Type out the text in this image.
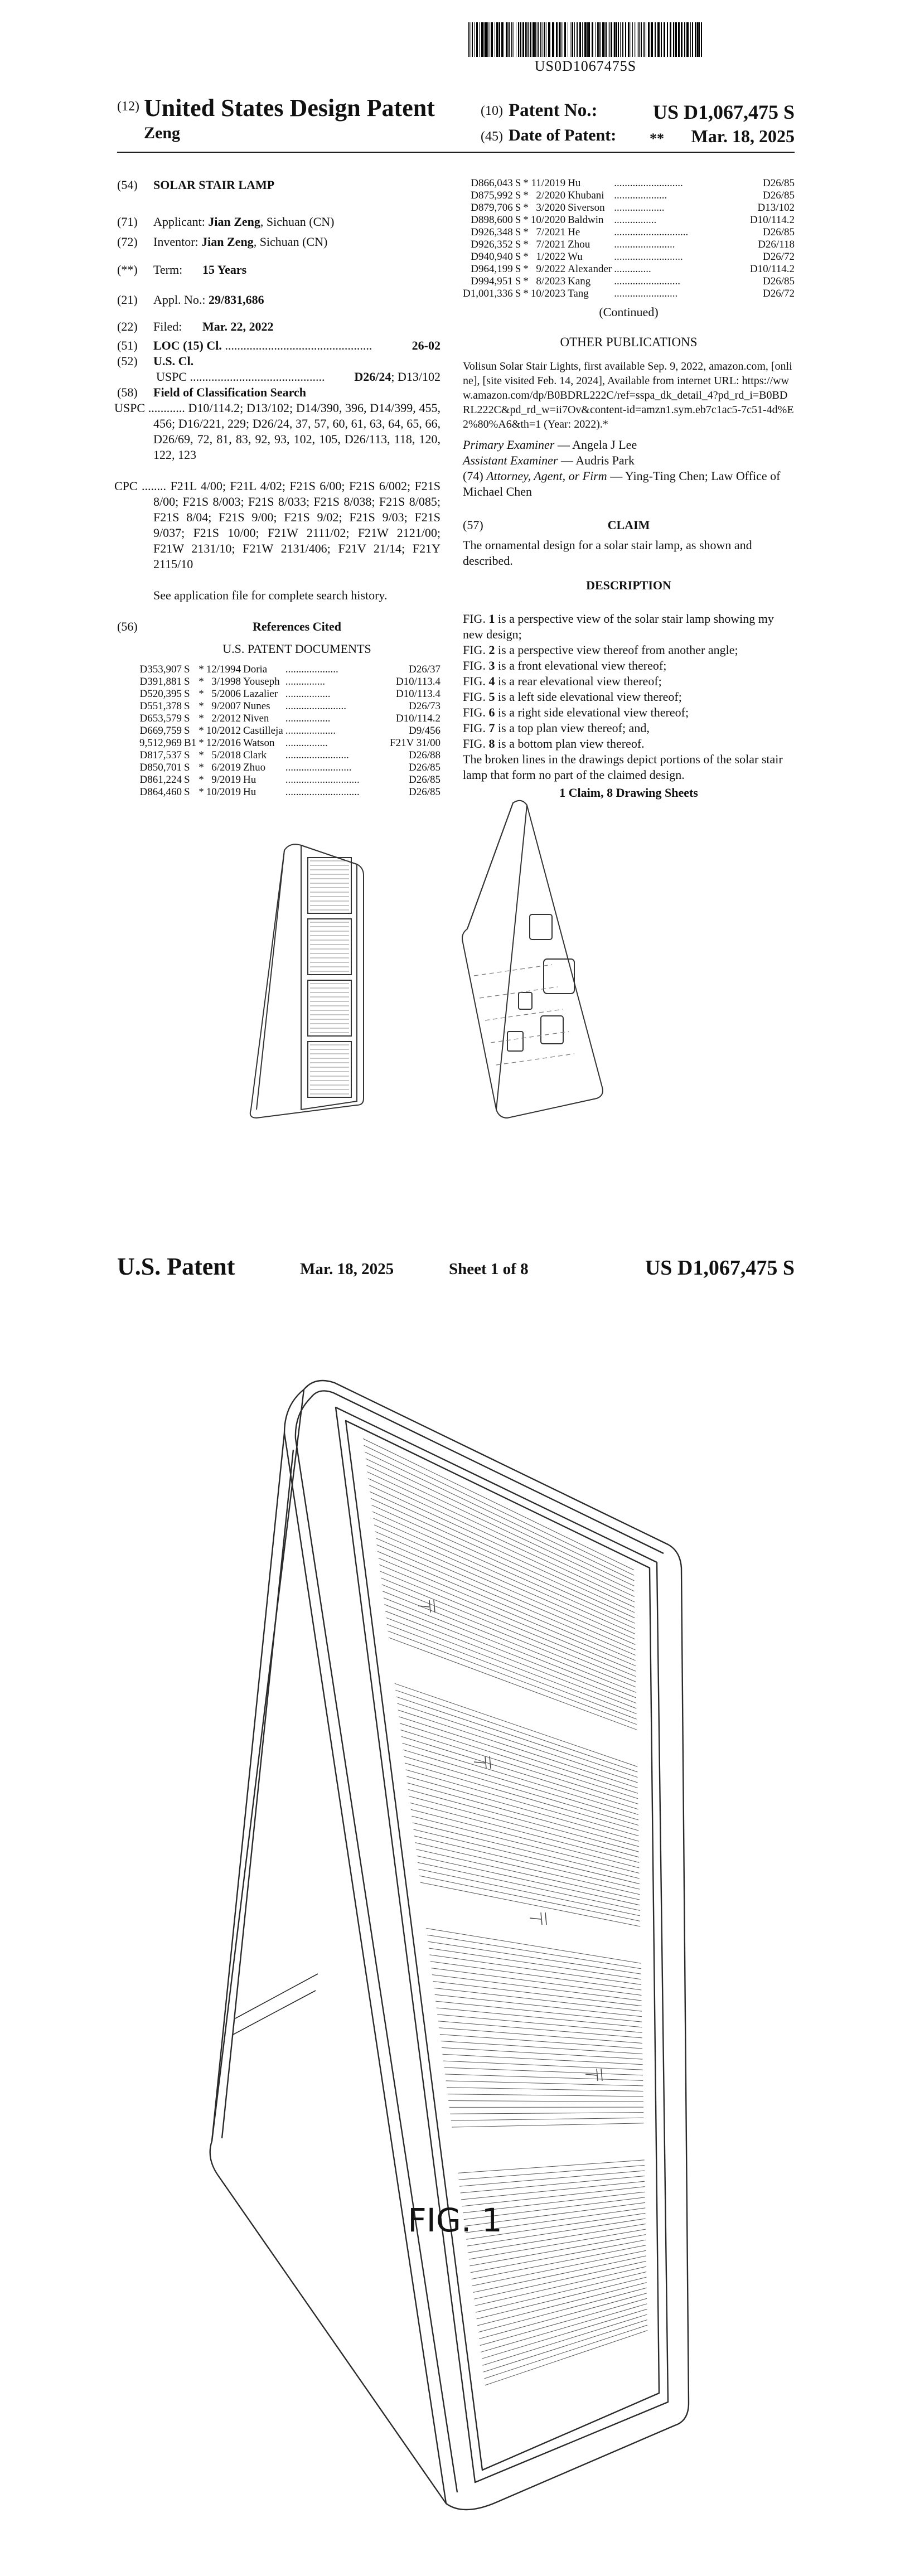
US0D1067475S
(12) United States Design Patent
Zeng
(10) Patent No.:	US D1,067,475 S
(45) Date of Patent: **	Mar. 18, 2025
(54)	SOLAR STAIR LAMP
(71)	Applicant: Jian Zeng, Sichuan (CN)
(72)	Inventor: Jian Zeng, Sichuan (CN)
(**)	Term: 15 Years
(21)	Appl. No.: 29/831,686
(22)	Filed: Mar. 22, 2022
(51)	LOC (15) Cl. ................................................	26-02
(52)	U.S. Cl.
USPC ............................................ D26/24; D13/102
(58)	Field of Classification Search
USPC ............ D10/114.2; D13/102; D14/390, 396, D14/399, 455, 456; D16/221, 229; D26/24, 37, 57, 60, 61, 63, 64, 65, 66, D26/69, 72, 81, 83, 92, 93, 102, 105, D26/113, 118, 120, 122, 123
CPC ........ F21L 4/00; F21L 4/02; F21S 6/00; F21S 6/002; F21S 8/00; F21S 8/003; F21S 8/033; F21S 8/038; F21S 8/085; F21S 8/04; F21S 9/00; F21S 9/02; F21S 9/03; F21S 9/037; F21S 10/00; F21W 2111/02; F21W 2121/00; F21W 2131/10; F21W 2131/406; F21V 21/14; F21Y 2115/10
See application file for complete search history.
(56)	References Cited
U.S. PATENT DOCUMENTS
D353,907	S	*	12/1994	Doria	....................	D26/37
D391,881	S	*	3/1998	Youseph	...............	D10/113.4
D520,395	S	*	5/2006	Lazalier	.................	D10/113.4
D551,378	S	*	9/2007	Nunes	.......................	D26/73
D653,579	S	*	2/2012	Niven	.................	D10/114.2
D669,759	S	*	10/2012	Castilleja	...................	D9/456
9,512,969	B1	*	12/2016	Watson	................	F21V 31/00
D817,537	S	*	5/2018	Clark	........................	D26/88
D850,701	S	*	6/2019	Zhuo	.........................	D26/85
D861,224	S	*	9/2019	Hu	............................	D26/85
D864,460	S	*	10/2019	Hu	............................	D26/85
D866,043	S	*	11/2019	Hu	..........................	D26/85
D875,992	S	*	2/2020	Khubani	....................	D26/85
D879,706	S	*	3/2020	Siverson	...................	D13/102
D898,600	S	*	10/2020	Baldwin	................	D10/114.2
D926,348	S	*	7/2021	He	............................	D26/85
D926,352	S	*	7/2021	Zhou	.......................	D26/118
D940,940	S	*	1/2022	Wu	..........................	D26/72
D964,199	S	*	9/2022	Alexander	..............	D10/114.2
D994,951	S	*	8/2023	Kang	.........................	D26/85
D1,001,336	S	*	10/2023	Tang	........................	D26/72
(Continued)
OTHER PUBLICATIONS
Volisun Solar Stair Lights, first available Sep. 9, 2022, amazon.com, [online], [site visited Feb. 14, 2024], Available from internet URL: https://www.amazon.com/dp/B0BDRL222C/ref=sspa_dk_detail_4?pd_rd_i=B0BDRL222C&pd_rd_w=ii7Ov&content-id=amzn1.sym.eb7c1ac5-7c51-4d%E2%80%A6&th=1 (Year: 2022).*
Primary Examiner — Angela J Lee
Assistant Examiner — Audris Park
(74) Attorney, Agent, or Firm — Ying-Ting Chen; Law Office of Michael Chen
(57)	CLAIM
The ornamental design for a solar stair lamp, as shown and described.
DESCRIPTION
FIG. 1 is a perspective view of the solar stair lamp showing my new design;
FIG. 2 is a perspective view thereof from another angle;
FIG. 3 is a front elevational view thereof;
FIG. 4 is a rear elevational view thereof;
FIG. 5 is a left side elevational view thereof;
FIG. 6 is a right side elevational view thereof;
FIG. 7 is a top plan view thereof; and,
FIG. 8 is a bottom plan view thereof.
The broken lines in the drawings depict portions of the solar stair lamp that form no part of the claimed design.
1 Claim, 8 Drawing Sheets
U.S. Patent	Mar. 18, 2025	Sheet 1 of 8	US D1,067,475 S
FIG. 1
